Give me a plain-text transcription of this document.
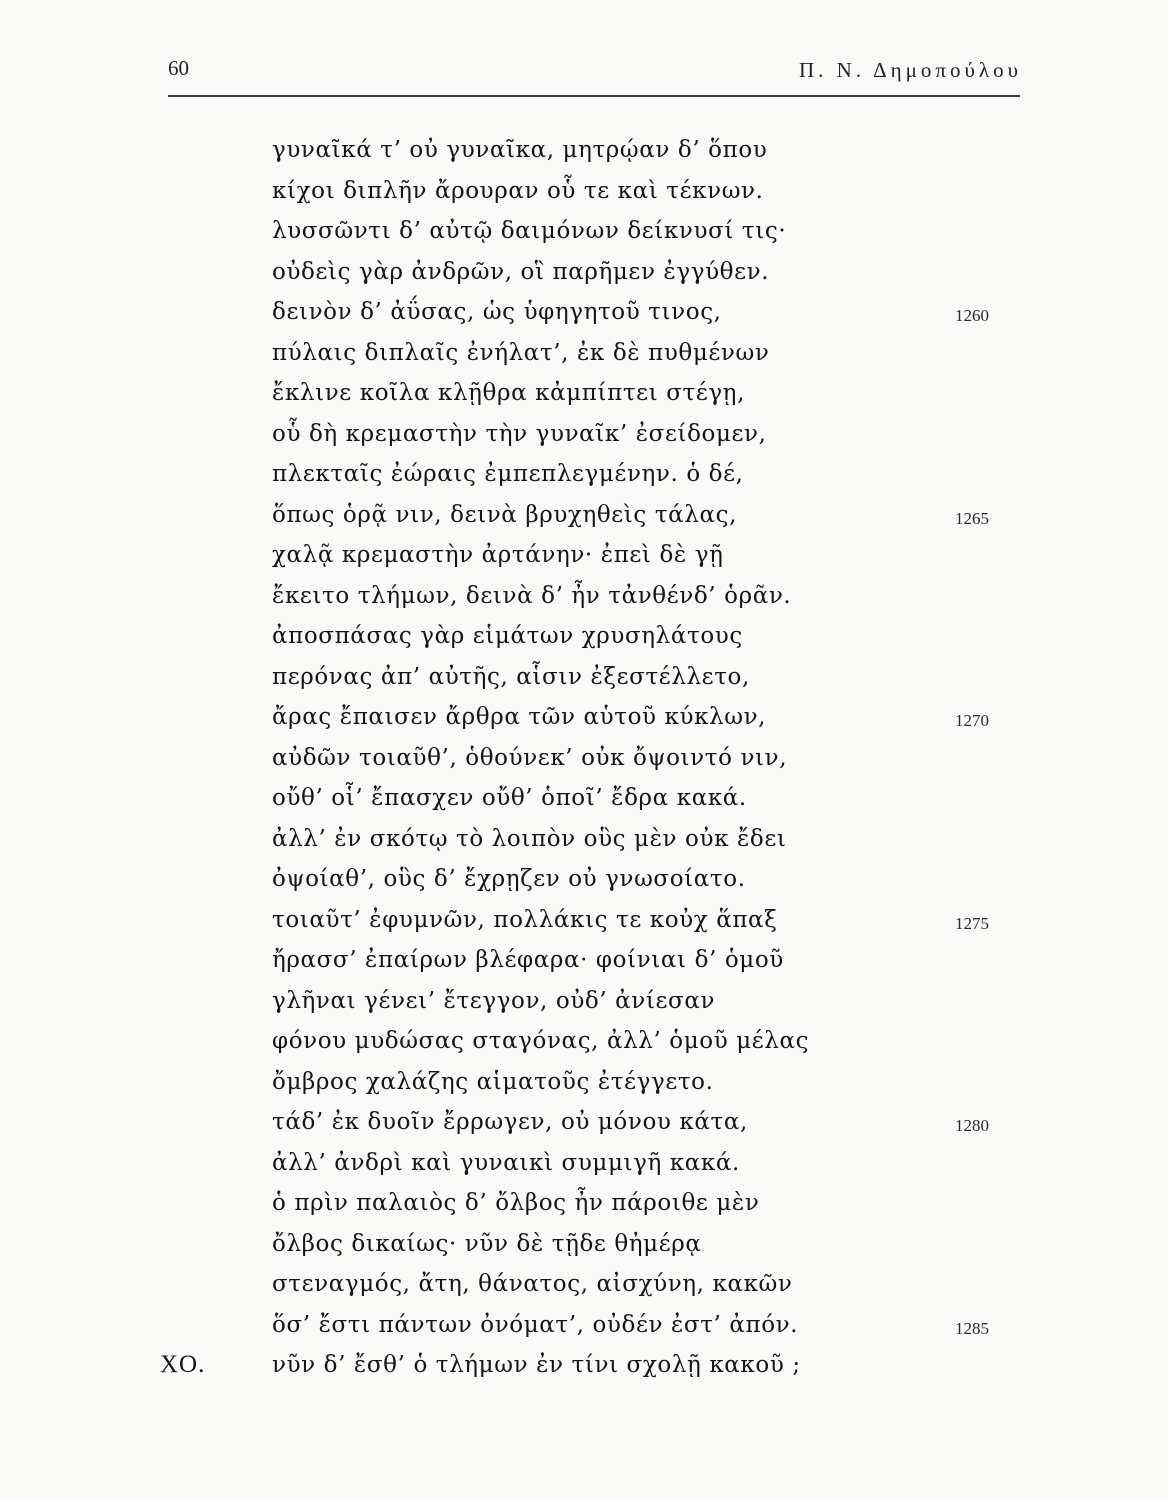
60	Π. Ν. Δημοπούλου
γυναῖκά τ’ οὐ γυναῖκα, μητρῴαν δ’ ὅπου
κίχοι διπλῆν ἄρουραν οὗ τε καὶ τέκνων.
λυσσῶντι δ’ αὐτῷ δαιμόνων δείκνυσί τις·
οὐδεὶς γὰρ ἀνδρῶν, οἳ παρῆμεν ἐγγύθεν.
δεινὸν δ’ ἀΰσας, ὡς ὑφηγητοῦ τινος,	1260
πύλαις διπλαῖς ἐνήλατ’, ἐκ δὲ πυθμένων
ἔκλινε κοῖλα κλῇθρα κἀμπίπτει στέγῃ,
οὗ δὴ κρεμαστὴν τὴν γυναῖκ’ ἐσείδομεν,
πλεκταῖς ἐώραις ἐμπεπλεγμένην. ὁ δέ,
ὅπως ὁρᾷ νιν, δεινὰ βρυχηθεὶς τάλας,	1265
χαλᾷ κρεμαστὴν ἀρτάνην· ἐπεὶ δὲ γῇ
ἔκειτο τλήμων, δεινὰ δ’ ἦν τἀνθένδ’ ὁρᾶν.
ἀποσπάσας γὰρ εἱμάτων χρυσηλάτους
περόνας ἀπ’ αὐτῆς, αἷσιν ἐξεστέλλετο,
ἄρας ἔπαισεν ἄρθρα τῶν αὑτοῦ κύκλων,	1270
αὐδῶν τοιαῦθ’, ὁθούνεκ’ οὐκ ὄψοιντό νιν,
οὔθ’ οἷ’ ἔπασχεν οὔθ’ ὁποῖ’ ἔδρα κακά.
ἀλλ’ ἐν σκότῳ τὸ λοιπὸν οὓς μὲν οὐκ ἔδει
ὀψοίαθ’, οὓς δ’ ἔχρῃζεν οὐ γνωσοίατο.
τοιαῦτ’ ἐφυμνῶν, πολλάκις τε κοὐχ ἅπαξ	1275
ἤρασσ’ ἐπαίρων βλέφαρα· φοίνιαι δ’ ὁμοῦ
γλῆναι γένει’ ἔτεγγον, οὐδ’ ἀνίεσαν
φόνου μυδώσας σταγόνας, ἀλλ’ ὁμοῦ μέλας
ὄμβρος χαλάζης αἱματοῦς ἐτέγγετο.
τάδ’ ἐκ δυοῖν ἔρρωγεν, οὐ μόνου κάτα,	1280
ἀλλ’ ἀνδρὶ καὶ γυναικὶ συμμιγῆ κακά.
ὁ πρὶν παλαιὸς δ’ ὄλβος ἦν πάροιθε μὲν
ὄλβος δικαίως· νῦν δὲ τῇδε θἠμέρᾳ
στεναγμός, ἄτη, θάνατος, αἰσχύνη, κακῶν
ὅσ’ ἔστι πάντων ὀνόματ’, οὐδέν ἐστ’ ἀπόν.	1285
ΧΟ.	νῦν δ’ ἔσθ’ ὁ τλήμων ἐν τίνι σχολῇ κακοῦ ;
